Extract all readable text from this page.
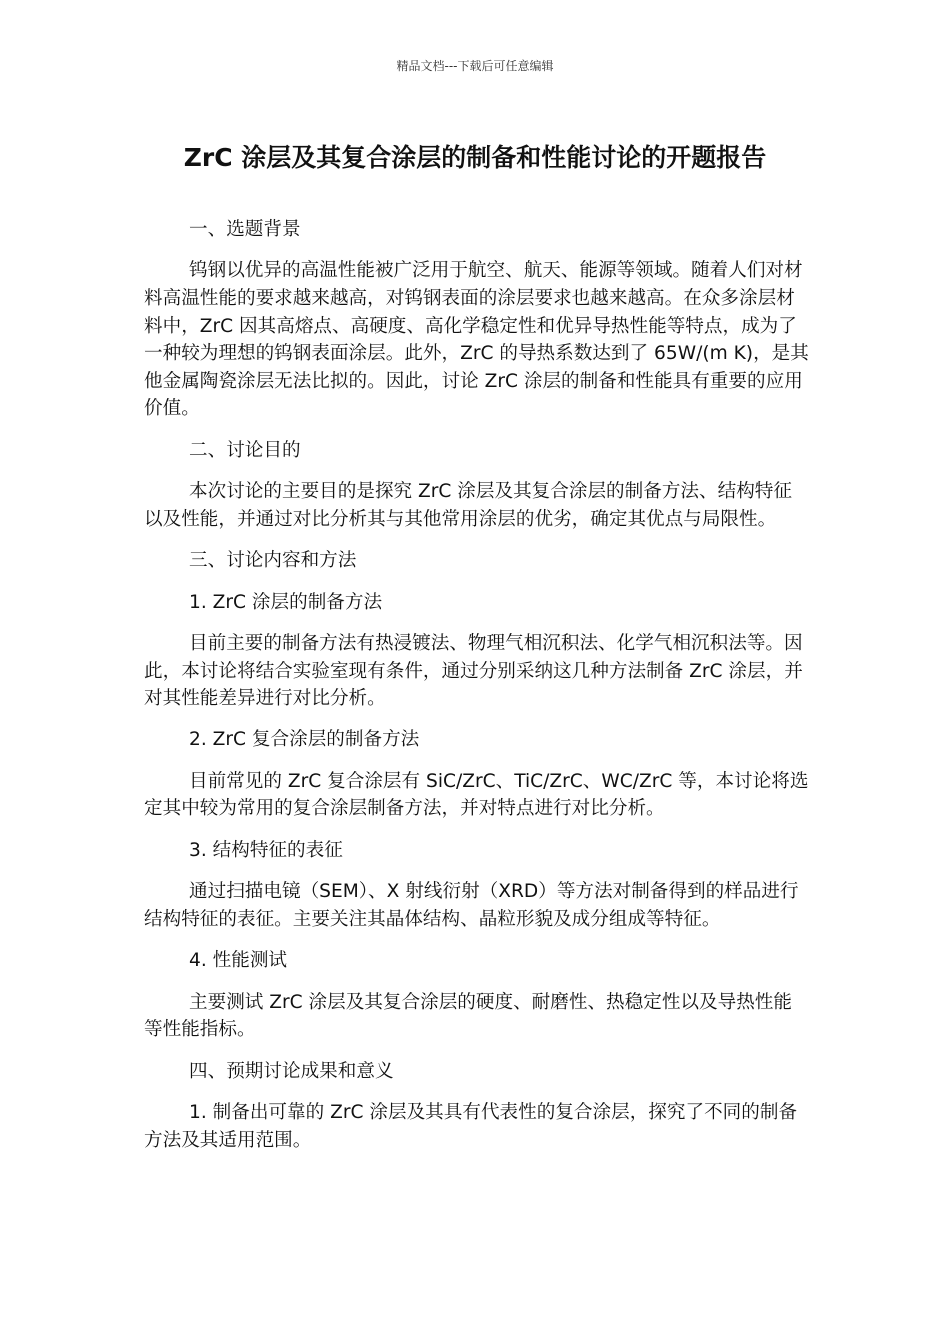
精品文档---下载后可任意编辑
ZrC 涂层及其复合涂层的制备和性能讨论的开题报告

一、选题背景

钨钢以优异的高温性能被广泛用于航空、航天、能源等领域。随着人们对材料高温性能的要求越来越高，对钨钢表面的涂层要求也越来越高。在众多涂层材料中，ZrC 因其高熔点、高硬度、高化学稳定性和优异导热性能等特点，成为了一种较为理想的钨钢表面涂层。此外，ZrC 的导热系数达到了 65W/(m K)，是其他金属陶瓷涂层无法比拟的。因此，讨论 ZrC 涂层的制备和性能具有重要的应用价值。

二、讨论目的

本次讨论的主要目的是探究 ZrC 涂层及其复合涂层的制备方法、结构特征以及性能，并通过对比分析其与其他常用涂层的优劣，确定其优点与局限性。

三、讨论内容和方法

1. ZrC 涂层的制备方法

目前主要的制备方法有热浸镀法、物理气相沉积法、化学气相沉积法等。因此，本讨论将结合实验室现有条件，通过分别采纳这几种方法制备 ZrC 涂层，并对其性能差异进行对比分析。

2. ZrC 复合涂层的制备方法

目前常见的 ZrC 复合涂层有 SiC/ZrC、TiC/ZrC、WC/ZrC 等，本讨论将选定其中较为常用的复合涂层制备方法，并对特点进行对比分析。

3. 结构特征的表征

通过扫描电镜（SEM）、X 射线衍射（XRD）等方法对制备得到的样品进行结构特征的表征。主要关注其晶体结构、晶粒形貌及成分组成等特征。

4. 性能测试

主要测试 ZrC 涂层及其复合涂层的硬度、耐磨性、热稳定性以及导热性能等性能指标。

四、预期讨论成果和意义

1. 制备出可靠的 ZrC 涂层及其具有代表性的复合涂层，探究了不同的制备方法及其适用范围。
